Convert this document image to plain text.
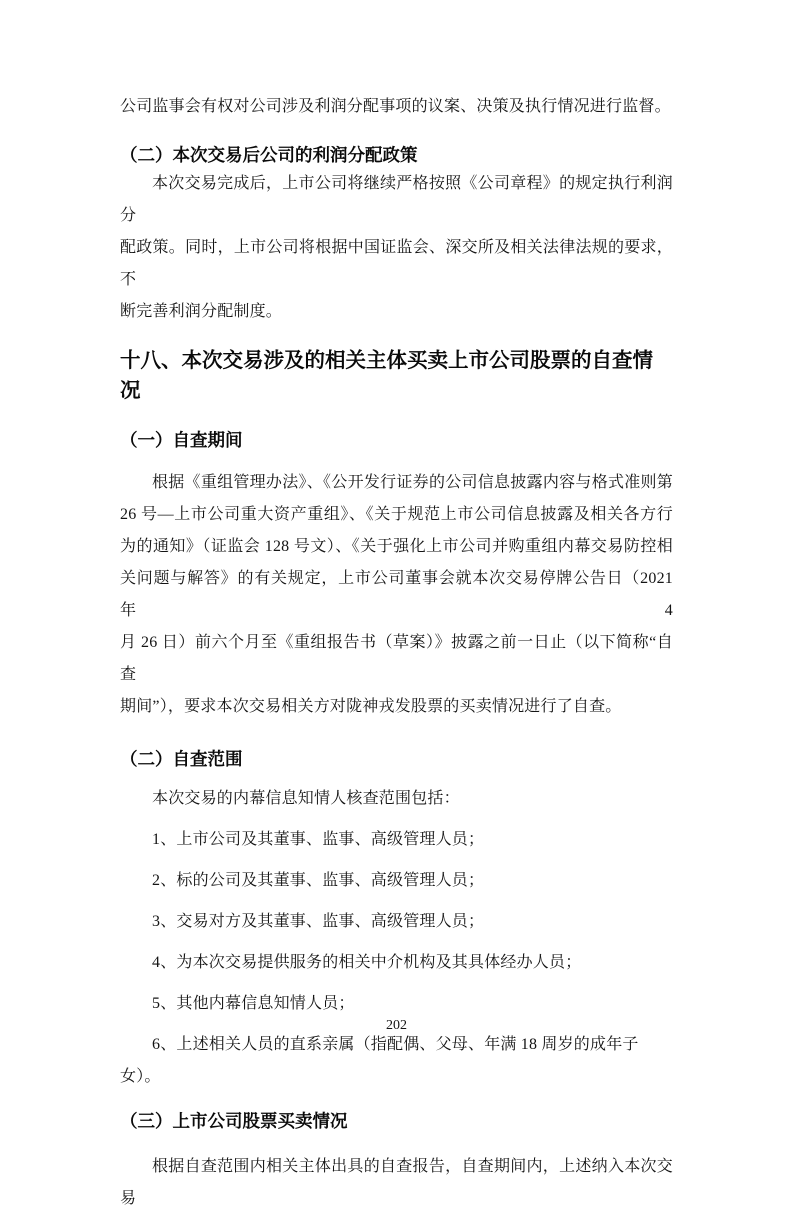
公司监事会有权对公司涉及利润分配事项的议案、决策及执行情况进行监督。
（二）本次交易后公司的利润分配政策
本次交易完成后，上市公司将继续严格按照《公司章程》的规定执行利润分
配政策。同时，上市公司将根据中国证监会、深交所及相关法律法规的要求，不
断完善利润分配制度。
十八、本次交易涉及的相关主体买卖上市公司股票的自查情况
（一）自查期间
根据《重组管理办法》、《公开发行证券的公司信息披露内容与格式准则第
26 号—上市公司重大资产重组》、《关于规范上市公司信息披露及相关各方行
为的通知》（证监会 128 号文）、《关于强化上市公司并购重组内幕交易防控相
关问题与解答》的有关规定，上市公司董事会就本次交易停牌公告日（2021 年 4
月 26 日）前六个月至《重组报告书（草案）》披露之前一日止（以下简称“自查
期间”），要求本次交易相关方对陇神戎发股票的买卖情况进行了自查。
（二）自查范围
本次交易的内幕信息知情人核查范围包括：
1、上市公司及其董事、监事、高级管理人员；
2、标的公司及其董事、监事、高级管理人员；
3、交易对方及其董事、监事、高级管理人员；
4、为本次交易提供服务的相关中介机构及其具体经办人员；
5、其他内幕信息知情人员；
6、上述相关人员的直系亲属（指配偶、父母、年满 18 周岁的成年子女）。
（三）上市公司股票买卖情况
根据自查范围内相关主体出具的自查报告，自查期间内，上述纳入本次交易
202
